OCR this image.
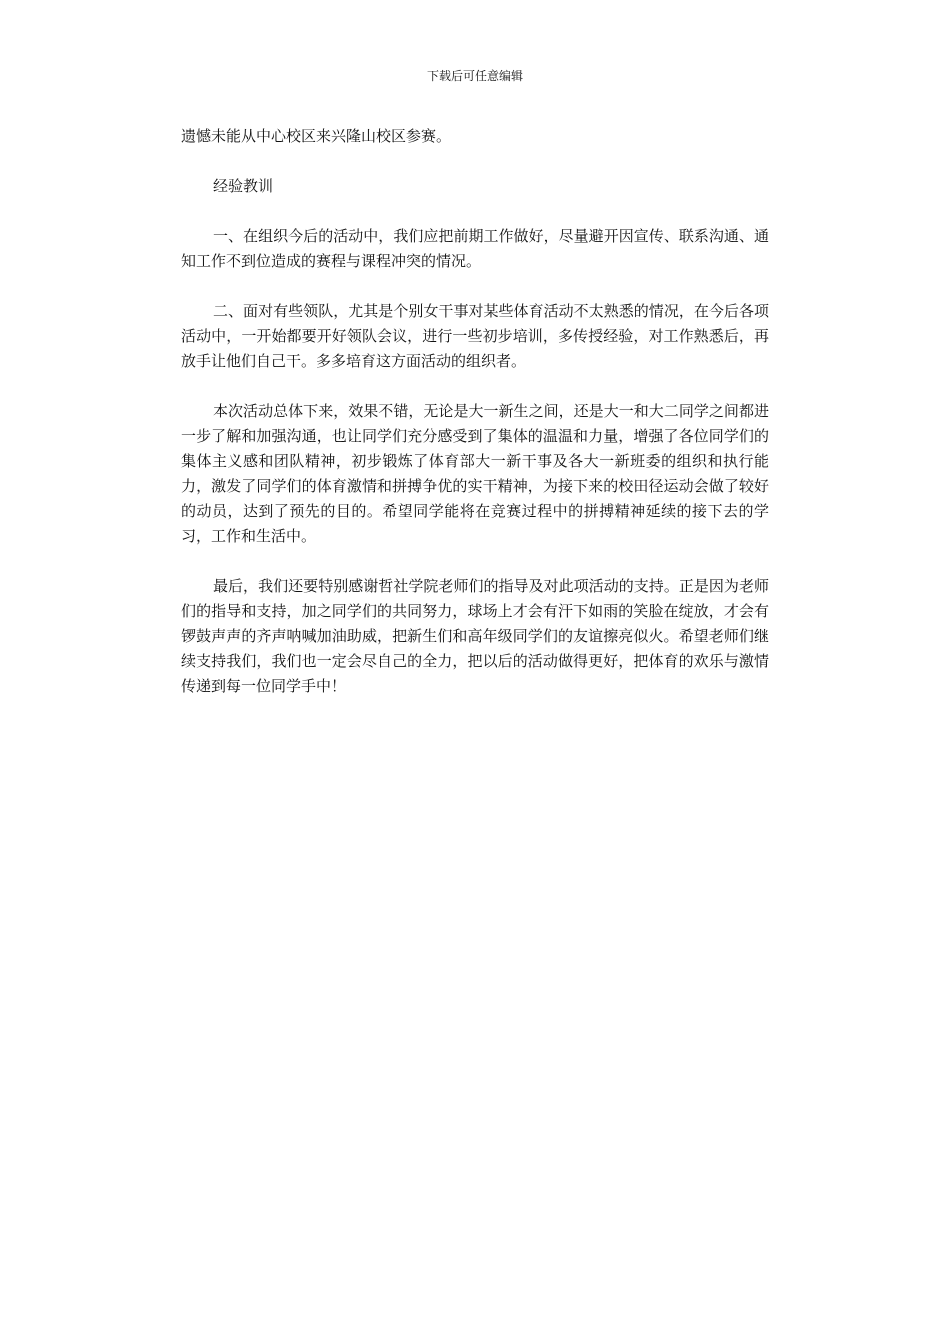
下载后可任意编辑

遗憾未能从中心校区来兴隆山校区参赛。

经验教训

一、在组织今后的活动中，我们应把前期工作做好，尽量避开因宣传、联系沟通、通知工作不到位造成的赛程与课程冲突的情况。

二、面对有些领队，尤其是个别女干事对某些体育活动不太熟悉的情况，在今后各项活动中，一开始都要开好领队会议，进行一些初步培训，多传授经验，对工作熟悉后，再放手让他们自己干。多多培育这方面活动的组织者。

本次活动总体下来，效果不错，无论是大一新生之间，还是大一和大二同学之间都进一步了解和加强沟通，也让同学们充分感受到了集体的温温和力量，增强了各位同学们的集体主义感和团队精神，初步锻炼了体育部大一新干事及各大一新班委的组织和执行能力，激发了同学们的体育激情和拼搏争优的实干精神，为接下来的校田径运动会做了较好的动员，达到了预先的目的。希望同学能将在竞赛过程中的拼搏精神延续的接下去的学习，工作和生活中。

最后，我们还要特别感谢哲社学院老师们的指导及对此项活动的支持。正是因为老师们的指导和支持，加之同学们的共同努力，球场上才会有汗下如雨的笑脸在绽放，才会有锣鼓声声的齐声呐喊加油助威，把新生们和高年级同学们的友谊擦亮似火。希望老师们继续支持我们，我们也一定会尽自己的全力，把以后的活动做得更好，把体育的欢乐与激情传递到每一位同学手中！
